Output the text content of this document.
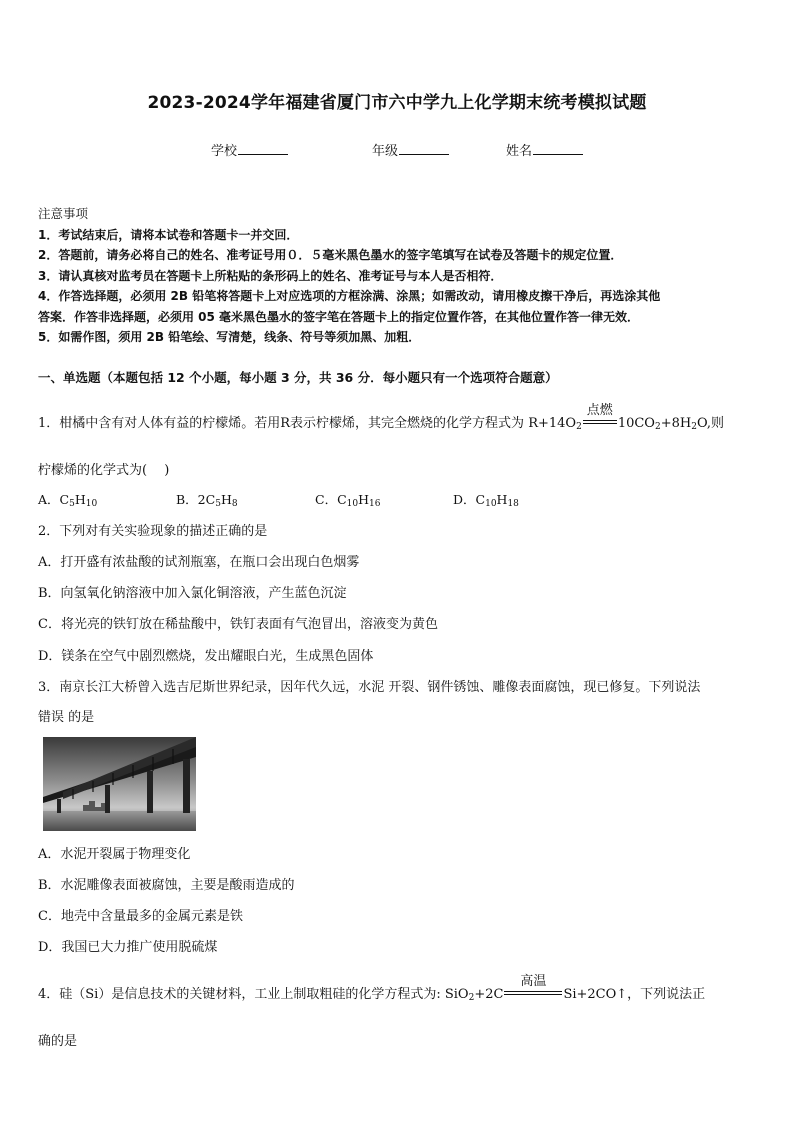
2023-2024学年福建省厦门市六中学九上化学期末统考模拟试题
学校	年级	姓名
注意事项
1．考试结束后，请将本试卷和答题卡一并交回．
2．答题前，请务必将自己的姓名、准考证号用０．５毫米黑色墨水的签字笔填写在试卷及答题卡的规定位置．
3．请认真核对监考员在答题卡上所粘贴的条形码上的姓名、准考证号与本人是否相符．
4．作答选择题，必须用 2B 铅笔将答题卡上对应选项的方框涂满、涂黑；如需改动，请用橡皮擦干净后，再选涂其他
答案．作答非选择题，必须用 05 毫米黑色墨水的签字笔在答题卡上的指定位置作答，在其他位置作答一律无效．
5．如需作图，须用 2B 铅笔绘、写清楚，线条、符号等须加黑、加粗．
一、单选题（本题包括 12 个小题，每小题 3 分，共 36 分．每小题只有一个选项符合题意）
1．柑橘中含有对人体有益的柠檬烯。若用R表示柠檬烯，其完全燃烧的化学方程式为 $R+14O_2$
点燃
$10CO_2+8H_2O$,则
柠檬烯的化学式为(　 )
A．$C_5H_{10}$	B．$2C_5H_8$	C．$C_{10}H_{16}$	D．$C_{10}H_{18}$
2．下列对有关实验现象的描述正确的是
A．打开盛有浓盐酸的试剂瓶塞，在瓶口会出现白色烟雾
B．向氢氧化钠溶液中加入氯化铜溶液，产生蓝色沉淀
C．将光亮的铁钉放在稀盐酸中，铁钉表面有气泡冒出，溶液变为黄色
D．镁条在空气中剧烈燃烧，发出耀眼白光，生成黑色固体
3．南京长江大桥曾入选吉尼斯世界纪录，因年代久远，水泥 开裂、钢件锈蚀、雕像表面腐蚀，现已修复。下列说法
错误 的是
A．水泥开裂属于物理变化
B．水泥雕像表面被腐蚀，主要是酸雨造成的
C．地壳中含量最多的金属元素是铁
D．我国已大力推广使用脱硫煤
4．硅（Si）是信息技术的关键材料，工业上制取粗硅的化学方程式为: SiO$_2$+2C
高温
Si+2CO↑，下列说法正
确的是
